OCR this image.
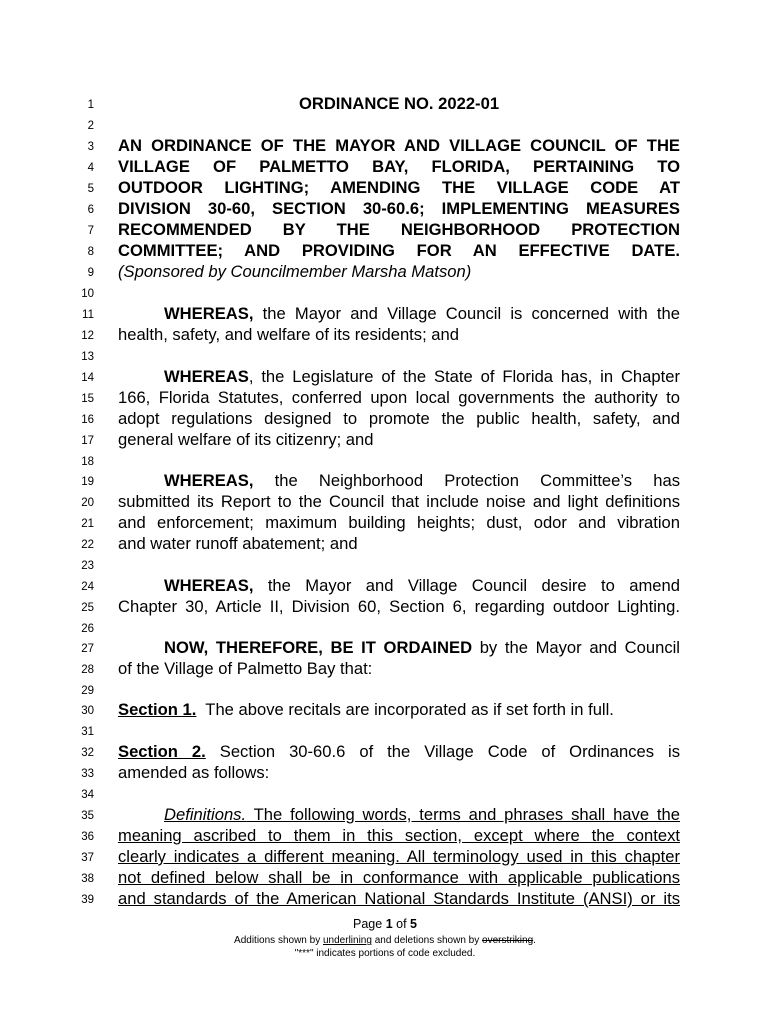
1
2
3
4
5
6
7
8
9
10
11
12
13
14
15
16
17
18
19
20
21
22
23
24
25
26
27
28
29
30
31
32
33
34
35
36
37
38
39
ORDINANCE NO. 2022-01
AN ORDINANCE OF THE MAYOR AND VILLAGE COUNCIL OF THE
VILLAGE OF PALMETTO BAY, FLORIDA, PERTAINING TO
OUTDOOR LIGHTING; AMENDING THE VILLAGE CODE AT
DIVISION 30-60, SECTION 30-60.6; IMPLEMENTING MEASURES
RECOMMENDED BY THE NEIGHBORHOOD PROTECTION
COMMITTEE; AND PROVIDING FOR AN EFFECTIVE DATE.
(Sponsored by Councilmember Marsha Matson)
WHEREAS, the Mayor and Village Council is concerned with the
health, safety, and welfare of its residents; and
WHEREAS, the Legislature of the State of Florida has, in Chapter
166, Florida Statutes, conferred upon local governments the authority to
adopt regulations designed to promote the public health, safety, and
general welfare of its citizenry; and
WHEREAS, the Neighborhood Protection Committee’s has
submitted its Report to the Council that include noise and light definitions
and enforcement; maximum building heights; dust, odor and vibration
and water runoff abatement; and
WHEREAS, the Mayor and Village Council desire to amend
Chapter 30, Article II, Division 60, Section 6, regarding outdoor Lighting.
NOW, THEREFORE, BE IT ORDAINED by the Mayor and Council
of the Village of Palmetto Bay that:
Section 1.  The above recitals are incorporated as if set forth in full.
Section 2. Section 30-60.6 of the Village Code of Ordinances is
amended as follows:
Definitions. The following words, terms and phrases shall have the
meaning ascribed to them in this section, except where the context
clearly indicates a different meaning. All terminology used in this chapter
not defined below shall be in conformance with applicable publications
and standards of the American National Standards Institute (ANSI) or its
Page 1 of 5
Additions shown by underlining and deletions shown by overstriking.
"***" indicates portions of code excluded.
